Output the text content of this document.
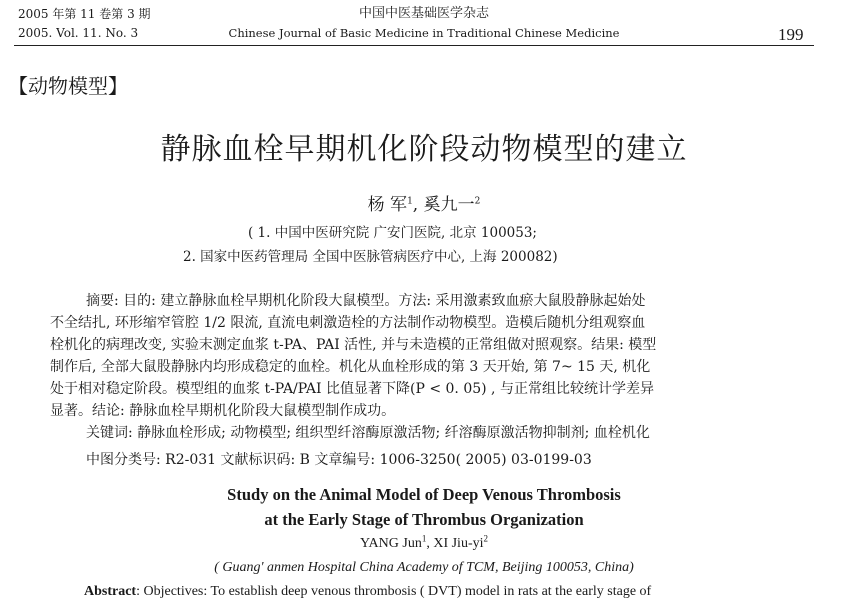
2005 年第 11 卷第 3 期
2005. Vol. 11. No. 3
中国中医基础医学杂志
Chinese Journal of Basic Medicine in Traditional Chinese Medicine	199
【动物模型】
静脉血栓早期机化阶段动物模型的建立
杨 军$^1$, 奚九一$^2$
( 1. 中国中医研究院 广安门医院, 北京 100053;
2. 国家中医药管理局 全国中医脉管病医疗中心, 上海 200082)
摘要: 目的: 建立静脉血栓早期机化阶段大鼠模型。方法: 采用激素致血瘀大鼠股静脉起始处
不全结扎, 环形缩窄管腔 1/2 限流, 直流电刺激造栓的方法制作动物模型。造模后随机分组观察血
栓机化的病理改变, 实验末测定血浆 t-PA、PAI 活性, 并与未造模的正常组做对照观察。结果: 模型
制作后, 全部大鼠股静脉内均形成稳定的血栓。机化从血栓形成的第 3 天开始, 第 7~ 15 天, 机化
处于相对稳定阶段。模型组的血浆 t-PA/PAI 比值显著下降(P < 0. 05) , 与正常组比较统计学差异
显著。结论: 静脉血栓早期机化阶段大鼠模型制作成功。
关键词: 静脉血栓形成; 动物模型; 组织型纤溶酶原激活物; 纤溶酶原激活物抑制剂; 血栓机化
中图分类号: R2-031 文献标识码: B 文章编号: 1006-3250( 2005) 03-0199-03
Study on the Animal Model of Deep Venous Thrombosis
at the Early Stage of Thrombus Organization
YANG Jun$^1$, XI Jiu-$yi^2$
( Guang' anmen Hospital China Academy of TCM, Beijing 100053, China)
Abstract: Objectives: To establish deep venous thrombosis ( DVT) model in rats at the early stage of
